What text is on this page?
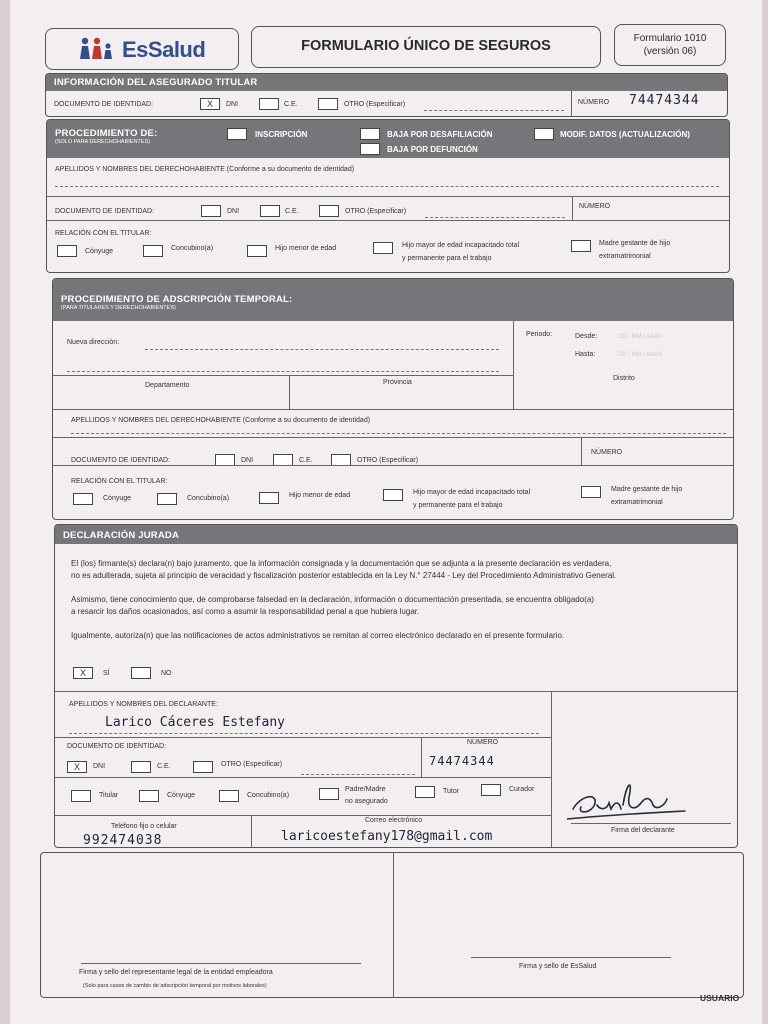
EsSalud	FORMULARIO ÚNICO DE SEGUROS	Formulario 1010
(versión 06)
INFORMACIÓN DEL ASEGURADO TITULAR
DOCUMENTO DE IDENTIDAD:	X	DNI	C.E.	OTRO (Especificar)	NÚMERO 74474344
PROCEDIMIENTO DE:
(SOLO PARA DERECHOHABIENTES)
INSCRIPCIÓN	BAJA POR DESAFILIACIÓN
BAJA POR DEFUNCIÓN
MODIF. DATOS (ACTUALIZACIÓN)
APELLIDOS Y NOMBRES DEL DERECHOHABIENTE (Conforme a su documento de identidad)
DOCUMENTO DE IDENTIDAD:	DNI	C.E.	OTRO (Especificar)
NÚMERO
RELACIÓN CON EL TITULAR:
Cónyuge	Concubino(a)	Hijo menor de edad	Hijo mayor de edad incapacitado total
y permanente para el trabajo
Madre gestante de hijo
extramatrimonial
PROCEDIMIENTO DE ADSCRIPCIÓN TEMPORAL:
(PARA TITULARES Y DERECHOHABIENTES)
Nueva dirección:
Periodo:	Desde:	DD / MM / AAAA
Hasta:	DD / MM / AAAA
Departamento	Provincia
Distrito
APELLIDOS Y NOMBRES DEL DERECHOHABIENTE (Conforme a su documento de identidad)
DOCUMENTO DE IDENTIDAD:	DNI	C.E.	OTRO (Especificar)
NÚMERO
RELACIÓN CON EL TITULAR:
Cónyuge	Concubino(a)	Hijo menor de edad	Hijo mayor de edad incapacitado total
y permanente para el trabajo
Madre gestante de hijo
extramatrimonial
DECLARACIÓN JURADA
El (los) firmante(s) declara(n) bajo juramento, que la información consignada y la documentación que se adjunta a la presente declaración es verdadera,
no es adulterada, sujeta al principio de veracidad y fiscalización posterior establecida en la Ley N.° 27444 - Ley del Procedimiento Administrativo General.
Asimismo, tiene conocimiento que, de comprobarse falsedad en la declaración, información o documentación presentada, se encuentra obligado(a)
a resarcir los daños ocasionados, así como a asumir la responsabilidad penal a que hubiera lugar.
Igualmente, autoriza(n) que las notificaciones de actos administrativos se remitan al correo electrónico declarado en el presente formulario.
X	SÍ	NO
APELLIDOS Y NOMBRES DEL DECLARANTE:
Larico Cáceres Estefany
DOCUMENTO DE IDENTIDAD:
X	DNI	C.E.	OTRO (Especificar)
NÚMERO
74474344
Titular	Cónyuge	Concubino(a)
Padre/Madre
no asegurado
Tutor	Curador
Teléfono fijo o celular
992474038
Correo electrónico
laricoestefany178@gmail.com	Firma del declarante
Firma y sello del representante legal de la entidad empleadora
(Solo para casos de cambio de adscripción temporal por motivos laborales)
Firma y sello de EsSalud
USUARIO
